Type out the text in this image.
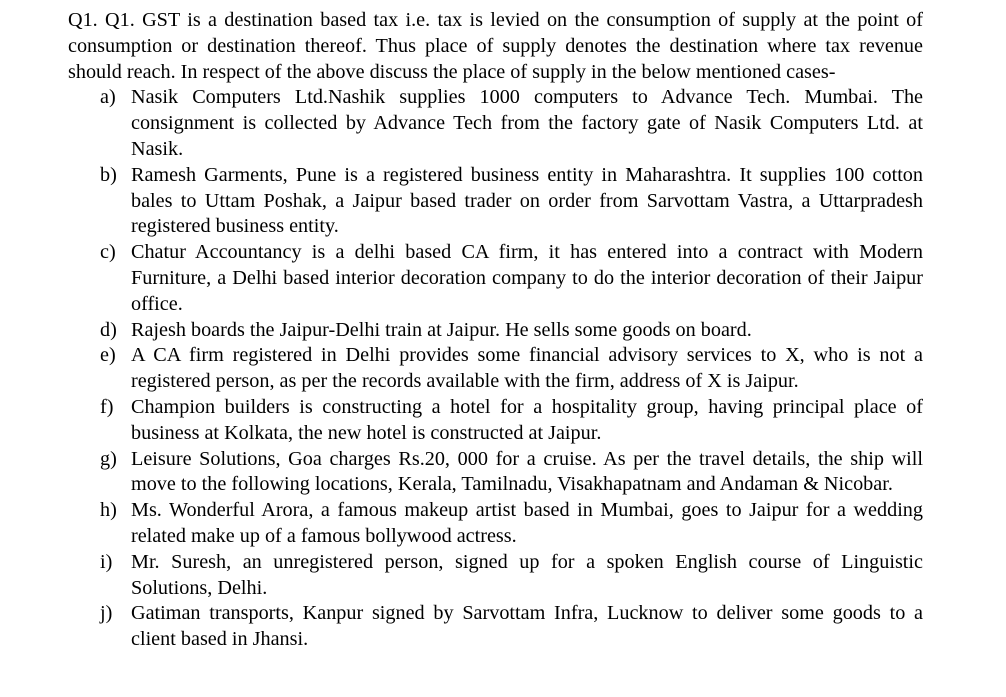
Q1. Q1. GST is a destination based tax i.e. tax is levied on the consumption of supply at the point of consumption or destination thereof. Thus place of supply denotes the destination where tax revenue should reach. In respect of the above discuss the place of supply in the below mentioned cases-

a) Nasik Computers Ltd.Nashik supplies 1000 computers to Advance Tech. Mumbai. The consignment is collected by Advance Tech from the factory gate of Nasik Computers Ltd. at Nasik.
b) Ramesh Garments, Pune is a registered business entity in Maharashtra. It supplies 100 cotton bales to Uttam Poshak, a Jaipur based trader on order from Sarvottam Vastra, a Uttarpradesh registered business entity.
c) Chatur Accountancy is a delhi based CA firm, it has entered into a contract with Modern Furniture, a Delhi based interior decoration company to do the interior decoration of their Jaipur office.
d) Rajesh boards the Jaipur-Delhi train at Jaipur. He sells some goods on board.
e) A CA firm registered in Delhi provides some financial advisory services to X, who is not a registered person, as per the records available with the firm, address of X is Jaipur.
f) Champion builders is constructing a hotel for a hospitality group, having principal place of business at Kolkata, the new hotel is constructed at Jaipur.
g) Leisure Solutions, Goa charges Rs.20, 000 for a cruise. As per the travel details, the ship will move to the following locations, Kerala, Tamilnadu, Visakhapatnam and Andaman & Nicobar.
h) Ms. Wonderful Arora, a famous makeup artist based in Mumbai, goes to Jaipur for a wedding related make up of a famous bollywood actress.
i) Mr. Suresh, an unregistered person, signed up for a spoken English course of Linguistic Solutions, Delhi.
j) Gatiman transports, Kanpur signed by Sarvottam Infra, Lucknow to deliver some goods to a client based in Jhansi.
